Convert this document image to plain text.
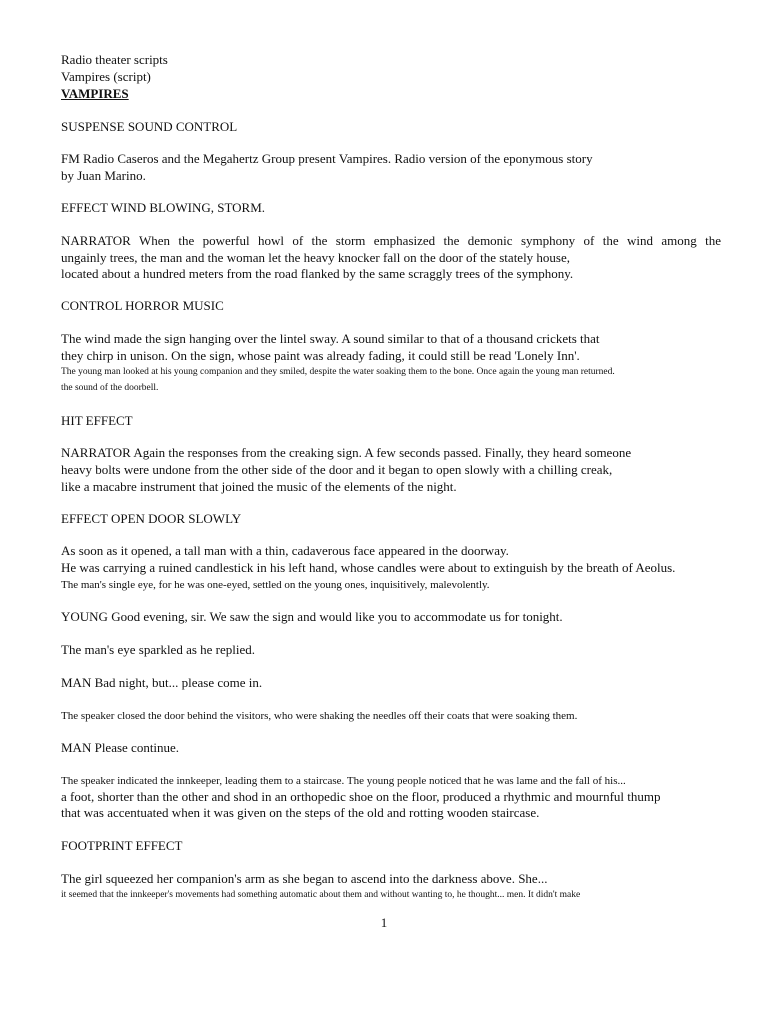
Radio theater scripts
Vampires (script)
VAMPIRES
SUSPENSE SOUND CONTROL
FM Radio Caseros and the Megahertz Group present Vampires. Radio version of the eponymous story
by Juan Marino.
EFFECT WIND BLOWING, STORM.
NARRATOR When the powerful howl of the storm emphasized the demonic symphony of the wind among the
ungainly trees, the man and the woman let the heavy knocker fall on the door of the stately house,
located about a hundred meters from the road flanked by the same scraggly trees of the symphony.
CONTROL HORROR MUSIC
The wind made the sign hanging over the lintel sway. A sound similar to that of a thousand crickets that
they chirp in unison. On the sign, whose paint was already fading, it could still be read 'Lonely Inn'.
The young man looked at his young companion and they smiled, despite the water soaking them to the bone. Once again the young man returned.
the sound of the doorbell.
HIT EFFECT
NARRATOR Again the responses from the creaking sign. A few seconds passed. Finally, they heard someone
heavy bolts were undone from the other side of the door and it began to open slowly with a chilling creak,
like a macabre instrument that joined the music of the elements of the night.
EFFECT OPEN DOOR SLOWLY
As soon as it opened, a tall man with a thin, cadaverous face appeared in the doorway.
He was carrying a ruined candlestick in his left hand, whose candles were about to extinguish by the breath of Aeolus.
The man's single eye, for he was one-eyed, settled on the young ones, inquisitively, malevolently.
YOUNG Good evening, sir. We saw the sign and would like you to accommodate us for tonight.
The man's eye sparkled as he replied.
MAN Bad night, but... please come in.
The speaker closed the door behind the visitors, who were shaking the needles off their coats that were soaking them.
MAN Please continue.
The speaker indicated the innkeeper, leading them to a staircase. The young people noticed that he was lame and the fall of his...
a foot, shorter than the other and shod in an orthopedic shoe on the floor, produced a rhythmic and mournful thump
that was accentuated when it was given on the steps of the old and rotting wooden staircase.
FOOTPRINT EFFECT
The girl squeezed her companion's arm as she began to ascend into the darkness above. She...
it seemed that the innkeeper's movements had something automatic about them and without wanting to, he thought... men. It didn't make
1
